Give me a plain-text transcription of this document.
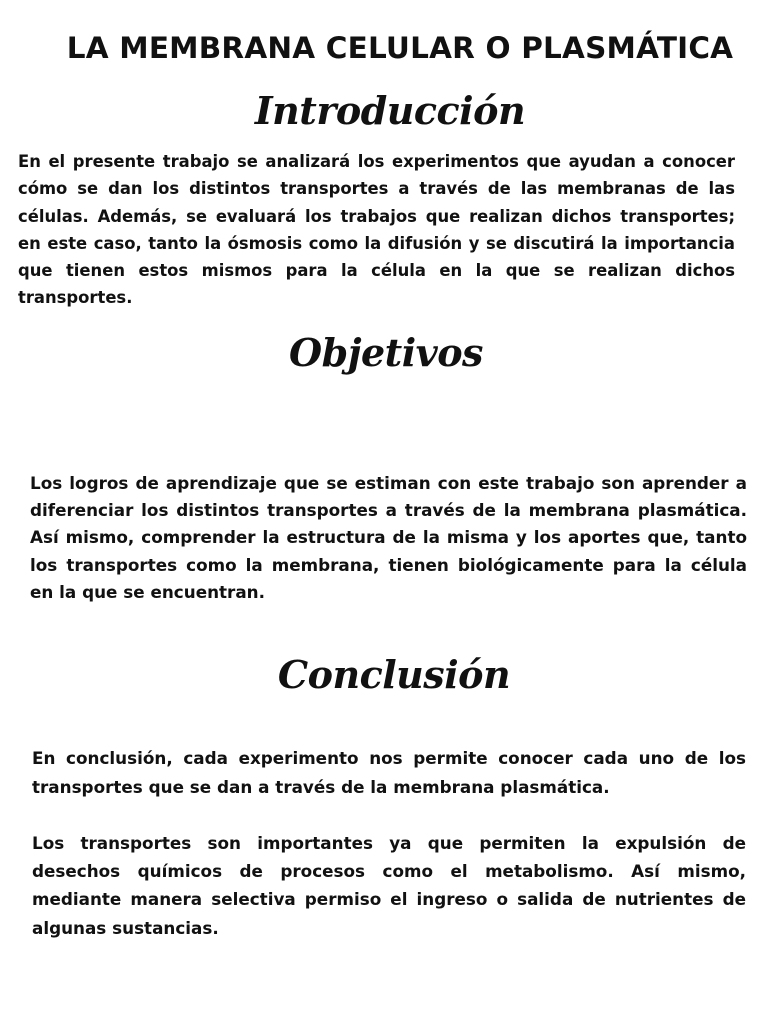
LA MEMBRANA CELULAR O PLASMÁTICA
Introducción

En el presente trabajo se analizará los experimentos que ayudan a conocer cómo se dan los distintos transportes a través de las membranas de las células. Además, se evaluará los trabajos que realizan dichos transportes; en este caso, tanto la ósmosis como la difusión y se discutirá la importancia que tienen estos mismos para la célula en la que se realizan dichos transportes.

Objetivos

Los logros de aprendizaje que se estiman con este trabajo son aprender a diferenciar los distintos transportes a través de la membrana plasmática. Así mismo, comprender la estructura de la misma y los aportes que, tanto los transportes como la membrana, tienen biológicamente para la célula en la que se encuentran.

Conclusión

En conclusión, cada experimento nos permite conocer cada uno de los transportes que se dan a través de la membrana plasmática.

Los transportes son importantes ya que permiten la expulsión de desechos químicos de procesos como el metabolismo. Así mismo, mediante manera selectiva permiso el ingreso o salida de nutrientes de algunas sustancias.
